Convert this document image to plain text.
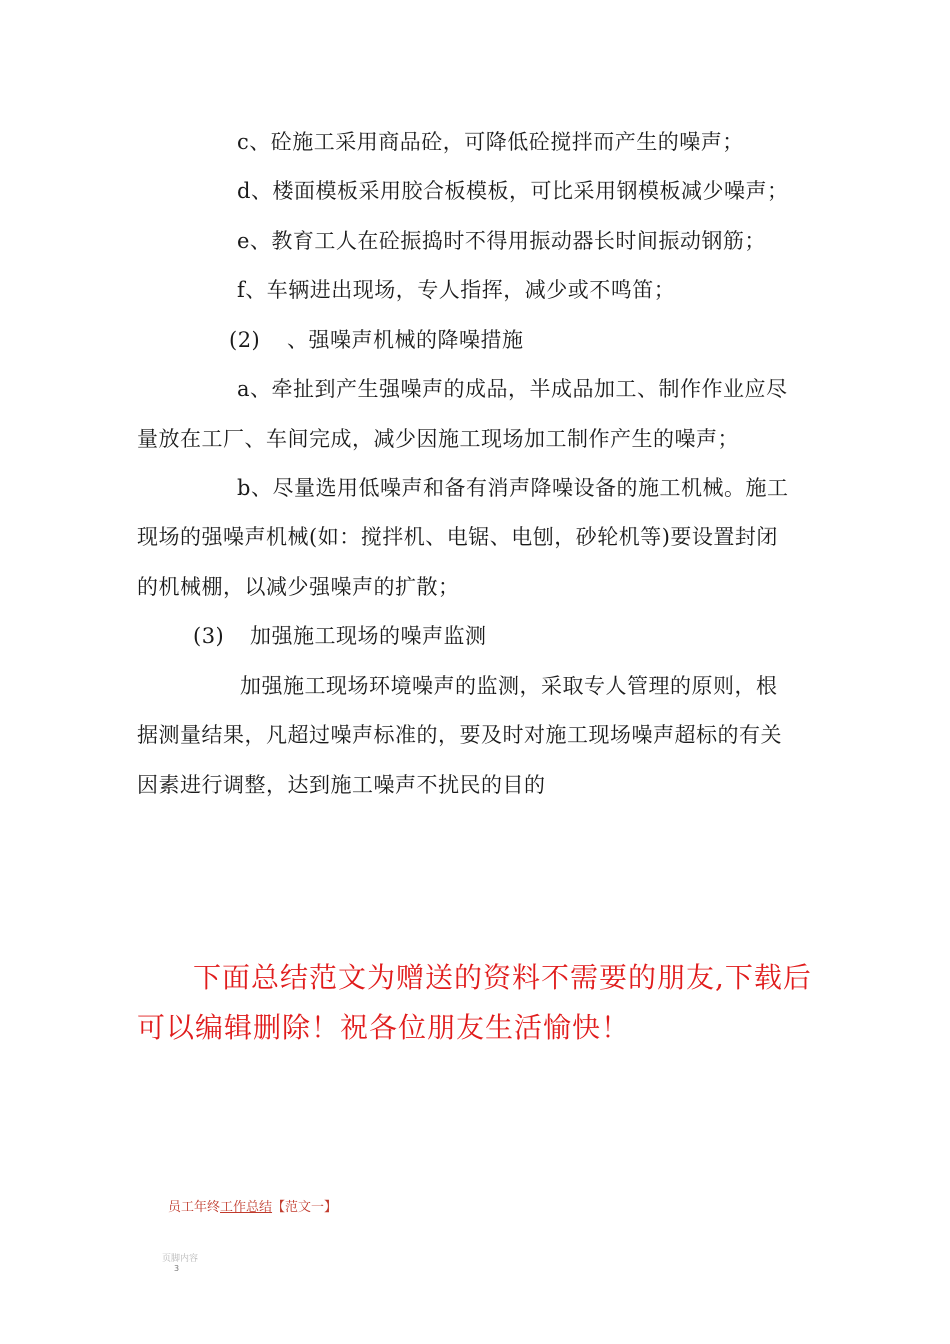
c、砼施工采用商品砼，可降低砼搅拌而产生的噪声；
d、楼面模板采用胶合板模板，可比采用钢模板减少噪声；
e、教育工人在砼振捣时不得用振动器长时间振动钢筋；
f、车辆进出现场，专人指挥，减少或不鸣笛；
(2) 、强噪声机械的降噪措施
a、牵扯到产生强噪声的成品，半成品加工、制作作业应尽
量放在工厂、车间完成，减少因施工现场加工制作产生的噪声；
b、尽量选用低噪声和备有消声降噪设备的施工机械。施工
现场的强噪声机械(如：搅拌机、电锯、电刨，砂轮机等)要设置封闭
的机械棚，以减少强噪声的扩散；
(3) 加强施工现场的噪声监测
加强施工现场环境噪声的监测，采取专人管理的原则，根
据测量结果，凡超过噪声标准的，要及时对施工现场噪声超标的有关
因素进行调整，达到施工噪声不扰民的目的
下面总结范文为赠送的资料不需要的朋友,下载后
可以编辑删除！祝各位朋友生活愉快！
员工年终工作总结【范文一】
页脚内容
3
